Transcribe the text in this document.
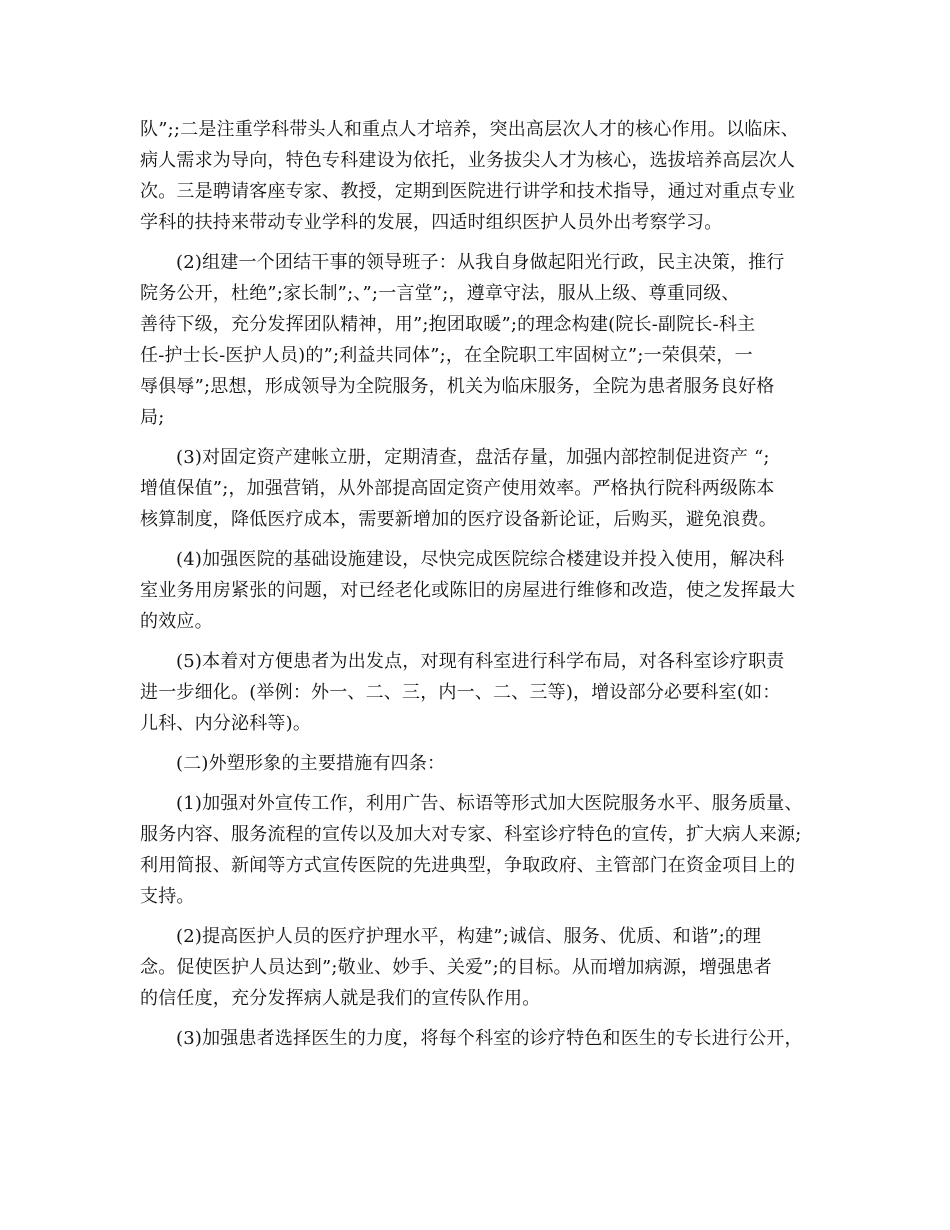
队”;;二是注重学科带头人和重点人才培养，突出高层次人才的核心作用。以临床、
病人需求为导向，特色专科建设为依托，业务拔尖人才为核心，选拔培养高层次人
次。三是聘请客座专家、教授，定期到医院进行讲学和技术指导，通过对重点专业
学科的扶持来带动专业学科的发展，四适时组织医护人员外出考察学习。
(2)组建一个团结干事的领导班子：从我自身做起阳光行政，民主决策，推行
院务公开，杜绝”;家长制”;、”;一言堂”;，遵章守法，服从上级、尊重同级、
善待下级，充分发挥团队精神，用”;抱团取暖”;的理念构建(院长-副院长-科主
任-护士长-医护人员)的”;利益共同体”;，在全院职工牢固树立”;一荣俱荣，一
辱俱辱”;思想，形成领导为全院服务，机关为临床服务，全院为患者服务良好格
局;
(3)对固定资产建帐立册，定期清查，盘活存量，加强内部控制促进资产 “;
增值保值”;，加强营销，从外部提高固定资产使用效率。严格执行院科两级陈本
核算制度，降低医疗成本，需要新增加的医疗设备新论证，后购买，避免浪费。
(4)加强医院的基础设施建设，尽快完成医院综合楼建设并投入使用，解决科
室业务用房紧张的问题，对已经老化或陈旧的房屋进行维修和改造，使之发挥最大
的效应。
(5)本着对方便患者为出发点，对现有科室进行科学布局，对各科室诊疗职责
进一步细化。(举例：外一、二、三，内一、二、三等)，增设部分必要科室(如：
儿科、内分泌科等)。
(二)外塑形象的主要措施有四条：
(1)加强对外宣传工作，利用广告、标语等形式加大医院服务水平、服务质量、
服务内容、服务流程的宣传以及加大对专家、科室诊疗特色的宣传，扩大病人来源;
利用简报、新闻等方式宣传医院的先进典型，争取政府、主管部门在资金项目上的
支持。
(2)提高医护人员的医疗护理水平，构建”;诚信、服务、优质、和谐”;的理
念。促使医护人员达到”;敬业、妙手、关爱”;的目标。从而增加病源，增强患者
的信任度，充分发挥病人就是我们的宣传队作用。
(3)加强患者选择医生的力度，将每个科室的诊疗特色和医生的专长进行公开，
